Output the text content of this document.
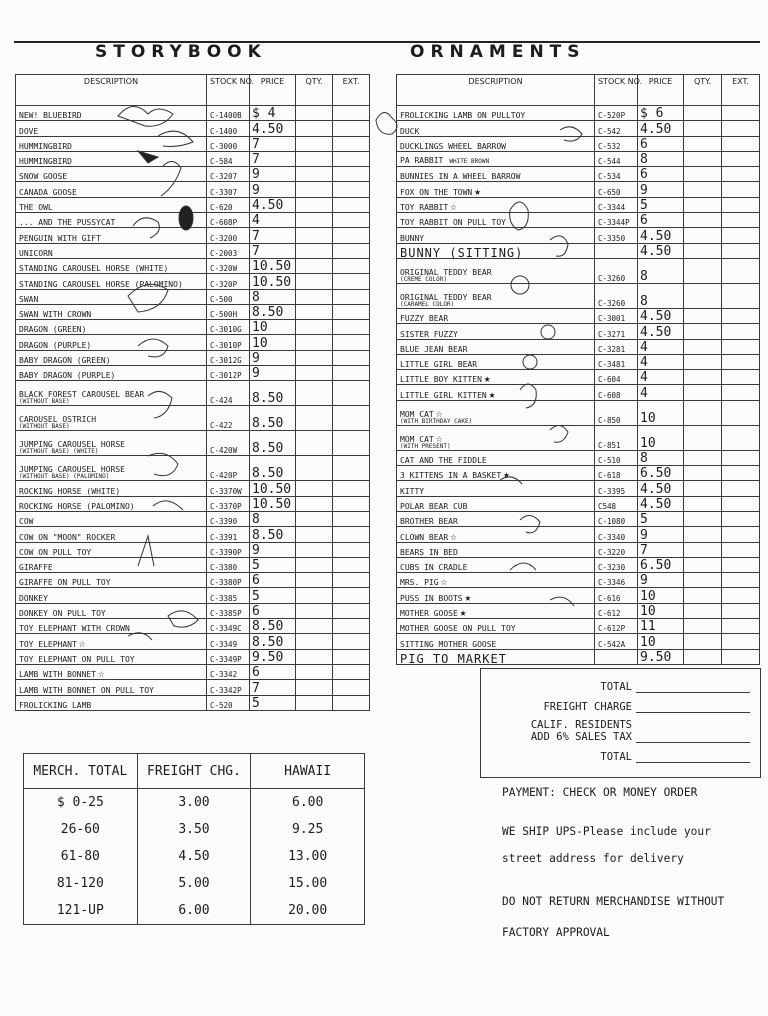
STORYBOOK	ORNAMENTS
DESCRIPTION	STOCK NO.	PRICE	QTY.	EXT.
NEW! BLUEBIRD	C-1400B	$ 4		
DOVE	C-1400	4.50		
HUMMINGBIRD	C-3000	7		
HUMMINGBIRD	C-584	7		
SNOW GOOSE	C-3207	9		
CANADA GOOSE	C-3307	9		
THE OWL	C-620	4.50		
... AND THE PUSSYCAT	C-608P	4		
PENGUIN WITH GIFT	C-3200	7		
UNICORN	C-2003	7		
STANDING CAROUSEL HORSE (WHITE)	C-320W	10.50		
STANDING CAROUSEL HORSE (PALOMINO)	C-320P	10.50		
SWAN	C-500	8		
SWAN WITH CROWN	C-500H	8.50		
DRAGON (GREEN)	C-3010G	10		
DRAGON (PURPLE)	C-3010P	10		
BABY DRAGON (GREEN)	C-3012G	9		
BABY DRAGON (PURPLE)	C-3012P	9		
BLACK FOREST CAROUSEL BEAR
(WITHOUT BASE)	C-424	8.50		
CAROUSEL OSTRICH
(WITHOUT BASE)	C-422	8.50		
JUMPING CAROUSEL HORSE
(WITHOUT BASE) (WHITE)	C-420W	8.50		
JUMPING CAROUSEL HORSE
(WITHOUT BASE) (PALOMINO)	C-420P	8.50		
ROCKING HORSE (WHITE)	C-3370W	10.50		
ROCKING HORSE (PALOMINO)	C-3370P	10.50		
COW	C-3390	8		
COW ON "MOON" ROCKER	C-3391	8.50		
COW ON PULL TOY	C-3390P	9		
GIRAFFE	C-3380	5		
GIRAFFE ON PULL TOY	C-3380P	6		
DONKEY	C-3385	5		
DONKEY ON PULL TOY	C-3385P	6		
TOY ELEPHANT WITH CROWN	C-3349C	8.50		
TOY ELEPHANT ☆	C-3349	8.50		
TOY ELEPHANT ON PULL TOY	C-3349P	9.50		
LAMB WITH BONNET ☆	C-3342	6		
LAMB WITH BONNET ON PULL TOY	C-3342P	7		
FROLICKING LAMB	C-520	5		
DESCRIPTION	STOCK NO.	PRICE	QTY.	EXT.
FROLICKING LAMB ON PULLTOY	C-520P	$ 6		
DUCK	C-542	4.50		
DUCKLINGS WHEEL BARROW	C-532	6		
PA RABBIT WHITE BROWN	C-544	8		
BUNNIES IN A WHEEL BARROW	C-534	6		
FOX ON THE TOWN ★	C-650	9		
TOY RABBIT ☆	C-3344	5		
TOY RABBIT ON PULL TOY	C-3344P	6		
BUNNY	C-3350	4.50		
BUNNY (SITTING)		4.50		
ORIGINAL TEDDY BEAR
(CREME COLOR)	C-3260	8		
ORIGINAL TEDDY BEAR
(CARAMEL COLOR)	C-3260	8		
FUZZY BEAR	C-3001	4.50		
SISTER FUZZY	C-3271	4.50		
BLUE JEAN BEAR	C-3281	4		
LITTLE GIRL BEAR	C-3481	4		
LITTLE BOY KITTEN ★	C-604	4		
LITTLE GIRL KITTEN ★	C-608	4		
MOM CAT ☆
(WITH BIRTHDAY CAKE)	C-850	10		
MOM CAT ☆
(WITH PRESENT)	C-851	10		
CAT AND THE FIDDLE	C-510	8		
3 KITTENS IN A BASKET ★	C-618	6.50		
KITTY	C-3395	4.50		
POLAR BEAR CUB	C548	4.50		
BROTHER BEAR	C-1080	5		
CLOWN BEAR ☆	C-3340	9		
BEARS IN BED	C-3220	7		
CUBS IN CRADLE	C-3230	6.50		
MRS. PIG ☆	C-3346	9		
PUSS IN BOOTS ★	C-616	10		
MOTHER GOOSE ★	C-612	10		
MOTHER GOOSE ON PULL TOY	C-612P	11		
SITTING MOTHER GOOSE	C-542A	10		
PIG TO MARKET		9.50		
TOTAL
FREIGHT CHARGE
CALIF. RESIDENTS
ADD 6% SALES TAX
TOTAL
MERCH. TOTAL	FREIGHT CHG.	HAWAII
$ 0-25	3.00	6.00
26-60	3.50	9.25
61-80	4.50	13.00
81-120	5.00	15.00
121-UP	6.00	20.00
PAYMENT: CHECK OR MONEY ORDER
WE SHIP UPS-Please include your
street address for delivery
DO NOT RETURN MERCHANDISE WITHOUT
FACTORY APPROVAL
